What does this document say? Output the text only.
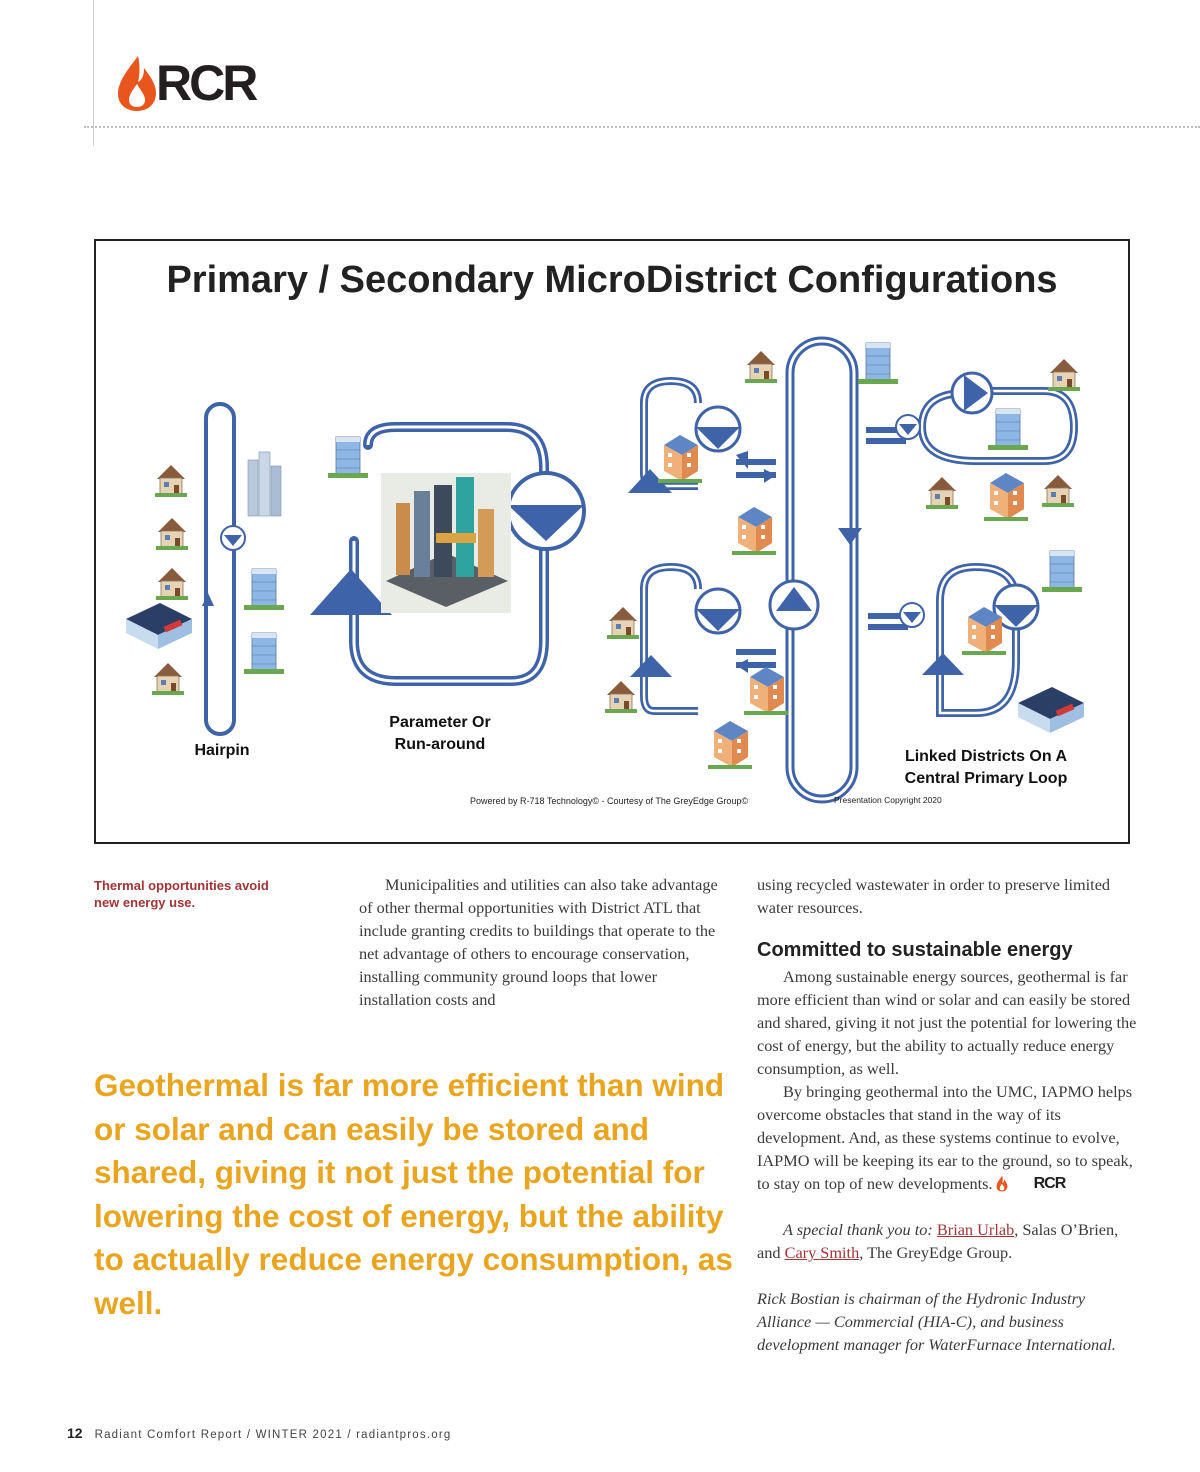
RCR
Primary / Secondary MicroDistrict Configurations
Hairpin
Parameter Or
Run-around
Linked Districts On A
Central Primary Loop
Powered by R-718 Technology© - Courtesy of The GreyEdge Group©	Presentation Copyright 2020
Thermal opportunities avoid new energy use.

Municipalities and utilities can also take advantage of other thermal opportunities with District ATL that include granting credits to buildings that operate to the net advantage of others to encourage conservation, installing community ground loops that lower installation costs and

using recycled wastewater in order to preserve limited water resources.

Committed to sustainable energy

Among sustainable energy sources, geothermal is far more efficient than wind or solar and can easily be stored and shared, giving it not just the potential for lowering the cost of energy, but the ability to actually reduce energy consumption, as well.

By bringing geothermal into the UMC, IAPMO helps overcome obstacles that stand in the way of its development. And, as these systems continue to evolve, IAPMO will be keeping its ear to the ground, so to speak, to stay on top of new developments.	RCR

A special thank you to: Brian Urlab, Salas O’Brien, and Cary Smith, The GreyEdge Group.

Rick Bostian is chairman of the Hydronic Industry Alliance — Commercial (HIA-C), and business development manager for WaterFurnace International.

Geothermal is far more efficient than wind or solar and can easily be stored and shared, giving it not just the potential for lowering the cost of energy, but the ability to actually reduce energy consumption, as well.
12 Radiant Comfort Report / WINTER 2021 / radiantpros.org
